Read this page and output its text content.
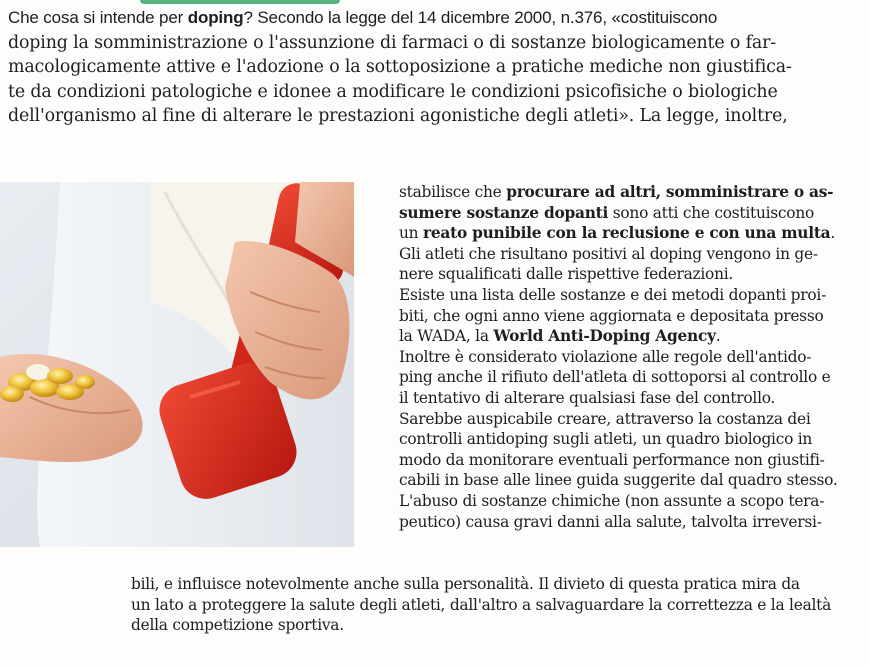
Che cosa si intende per doping? Secondo la legge del 14 dicembre 2000, n.376, «costituiscono
doping la somministrazione o l'assunzione di farmaci o di sostanze biologicamente o far-
macologicamente attive e l'adozione o la sottoposizione a pratiche mediche non giustifica-
te da condizioni patologiche e idonee a modificare le condizioni psicofisiche o biologiche
dell'organismo al fine di alterare le prestazioni agonistiche degli atleti». La legge, inoltre,
stabilisce che procurare ad altri, somministrare o as-
sumere sostanze dopanti sono atti che costituiscono
un reato punibile con la reclusione e con una multa.
Gli atleti che risultano positivi al doping vengono in ge-
nere squalificati dalle rispettive federazioni.
Esiste una lista delle sostanze e dei metodi dopanti proi-
biti, che ogni anno viene aggiornata e depositata presso
la WADA, la World Anti-Doping Agency.
Inoltre è considerato violazione alle regole dell'antido-
ping anche il rifiuto dell'atleta di sottoporsi al controllo e
il tentativo di alterare qualsiasi fase del controllo.
Sarebbe auspicabile creare, attraverso la costanza dei
controlli antidoping sugli atleti, un quadro biologico in
modo da monitorare eventuali performance non giustifi-
cabili in base alle linee guida suggerite dal quadro stesso.
L'abuso di sostanze chimiche (non assunte a scopo tera-
peutico) causa gravi danni alla salute, talvolta irreversi-
bili, e influisce notevolmente anche sulla personalità. Il divieto di questa pratica mira da
un lato a proteggere la salute degli atleti, dall'altro a salvaguardare la correttezza e la lealtà
della competizione sportiva.
